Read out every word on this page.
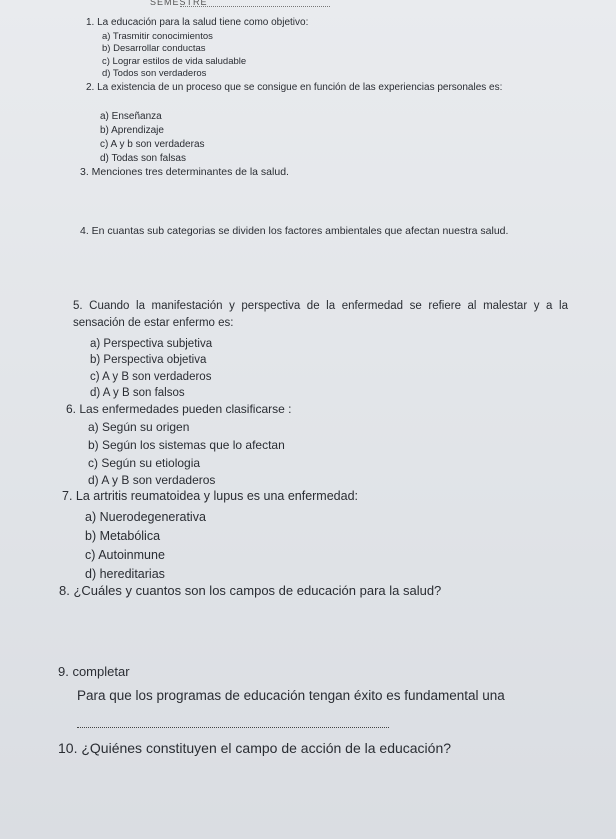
SEMESTRE

1. La educación para la salud tiene como objetivo:

a) Trasmitir conocimientos
b) Desarrollar conductas
c) Lograr estilos de vida saludable
d) Todos son verdaderos

2. La existencia de un proceso que se consigue en función de las experiencias personales es:

a) Enseñanza
b) Aprendizaje
c) A y b son verdaderas
d) Todas son falsas

3. Menciones tres determinantes de la salud.

4. En cuantas sub categorias se dividen los factores ambientales que afectan nuestra salud.

5. Cuando la manifestación y perspectiva de la enfermedad se refiere al malestar y a la sensación de estar enfermo es:

a) Perspectiva subjetiva
b) Perspectiva objetiva
c) A y B son verdaderos
d) A y B son falsos

6. Las enfermedades pueden clasificarse :

a) Según su origen
b) Según los sistemas que lo afectan
c) Según su etiologia
d) A y B son verdaderos

7. La artritis reumatoidea y lupus es una enfermedad:

a) Nuerodegenerativa
b) Metabólica
c) Autoinmune
d) hereditarias

8. ¿Cuáles y cuantos son los campos de educación para la salud?

9. completar

Para que los programas de educación tengan éxito es fundamental una

10. ¿Quiénes constituyen el campo de acción de la educación?
